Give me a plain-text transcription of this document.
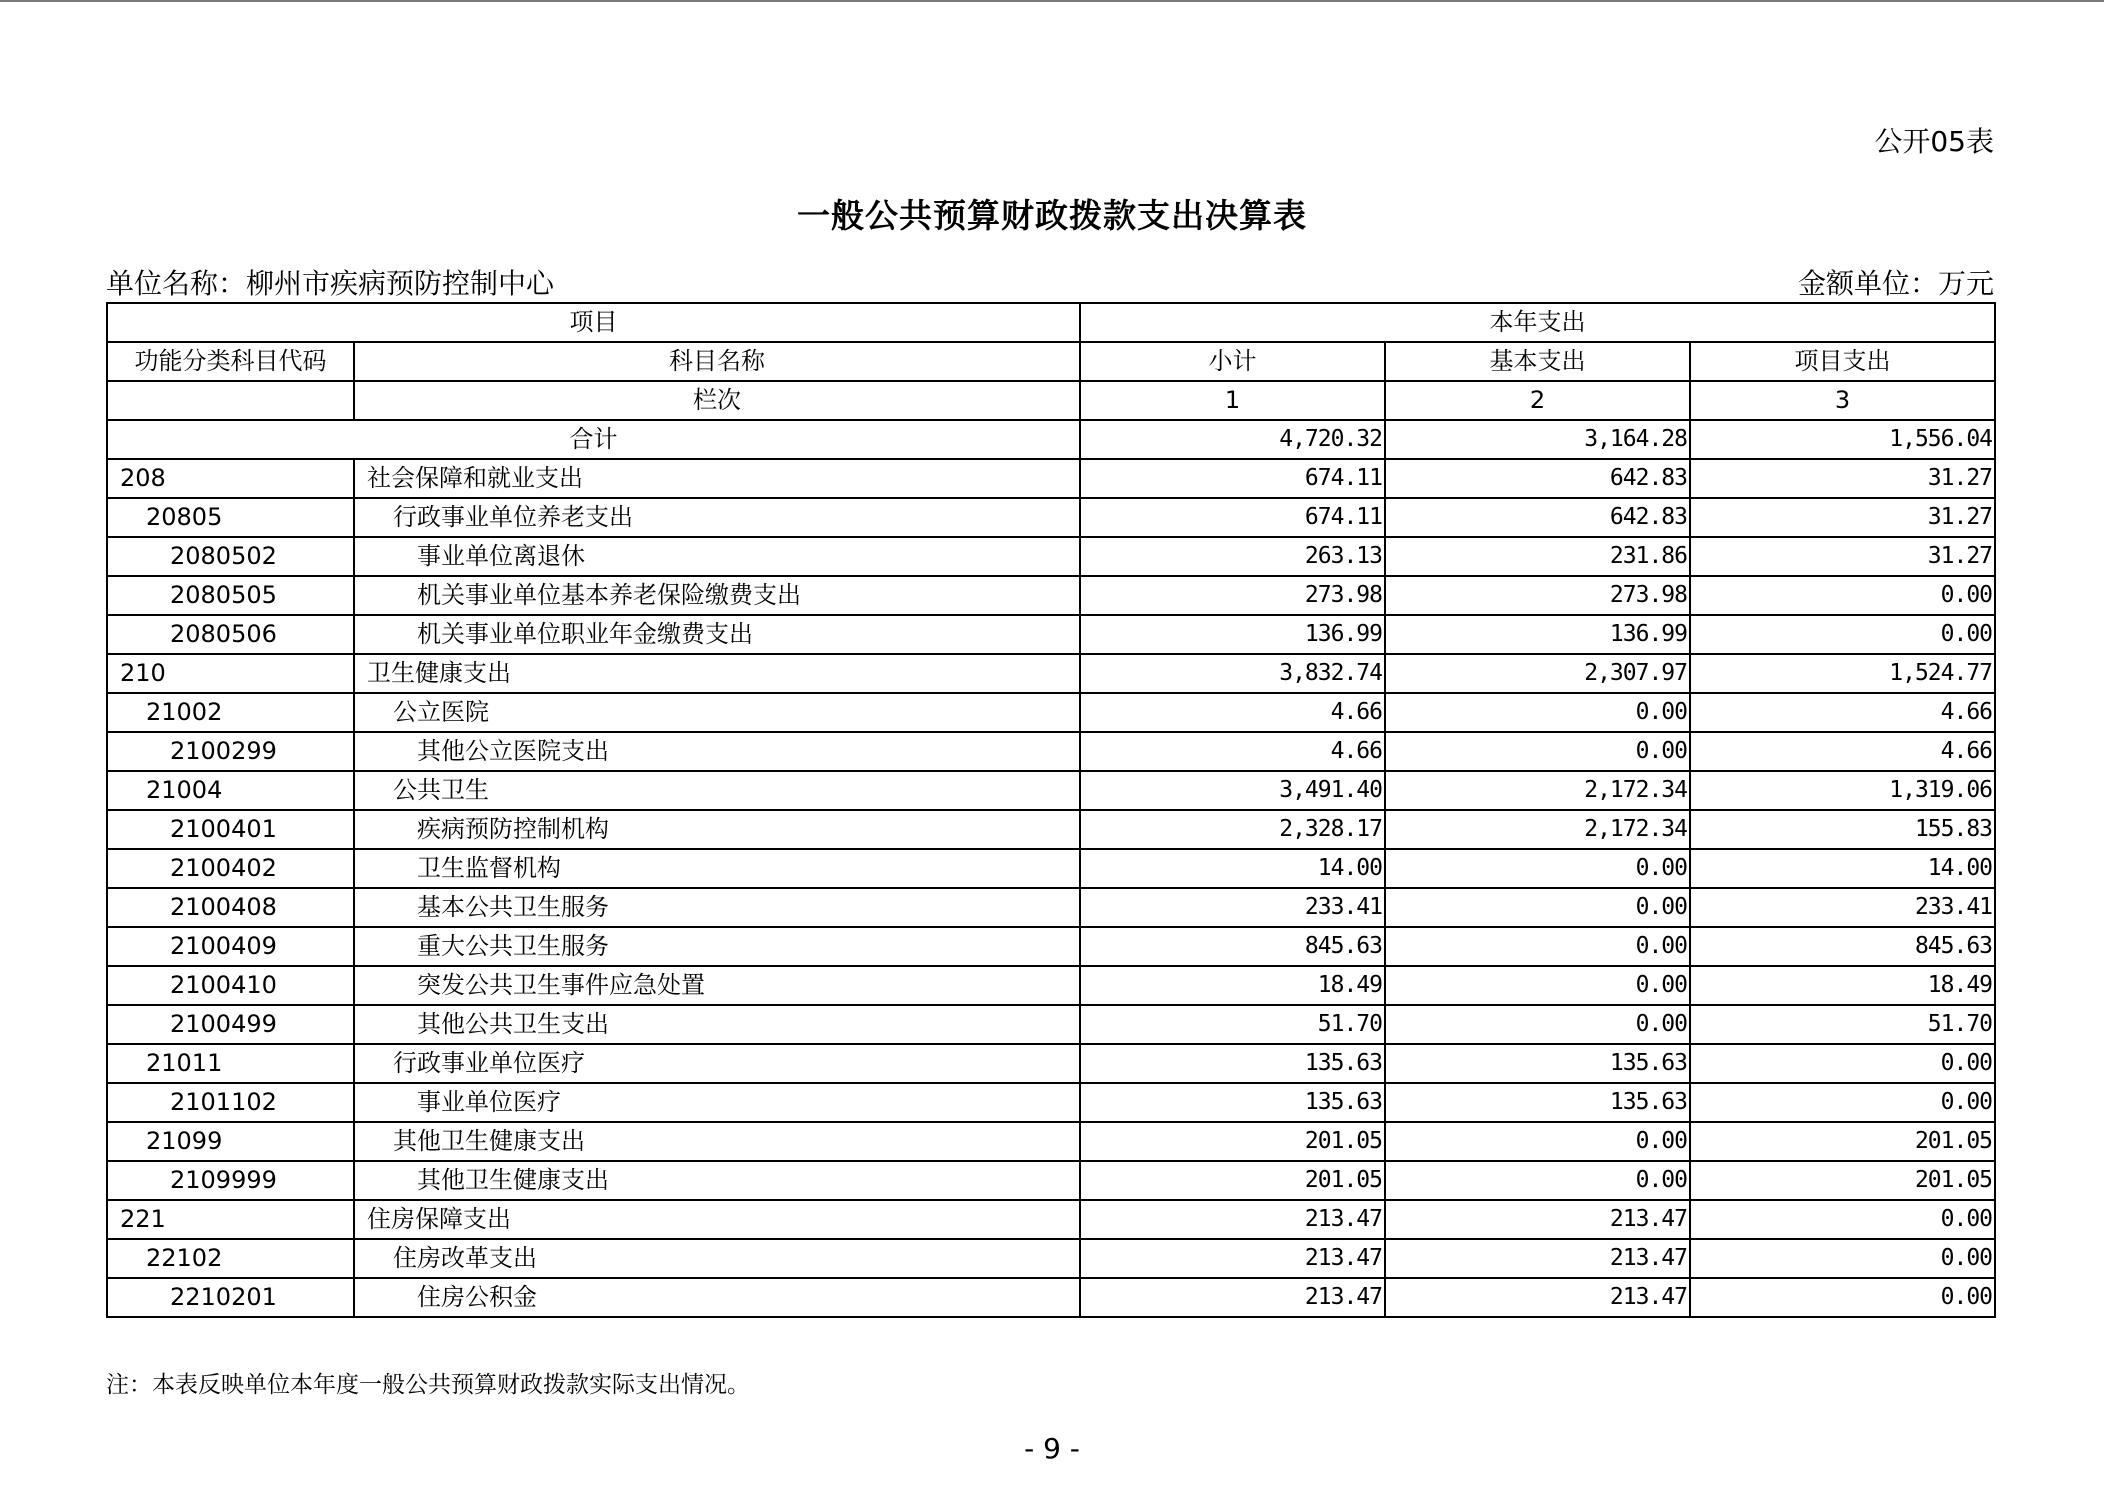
公开05表
一般公共预算财政拨款支出决算表
单位名称：柳州市疾病预防控制中心	金额单位：万元
项目		本年支出		
功能分类科目代码	科目名称	小计	基本支出	项目支出
	栏次	1	2	3
合计		4,720.32	3,164.28	1,556.04
208	社会保障和就业支出	674.11	642.83	31.27
20805	行政事业单位养老支出	674.11	642.83	31.27
2080502	事业单位离退休	263.13	231.86	31.27
2080505	机关事业单位基本养老保险缴费支出	273.98	273.98	0.00
2080506	机关事业单位职业年金缴费支出	136.99	136.99	0.00
210	卫生健康支出	3,832.74	2,307.97	1,524.77
21002	公立医院	4.66	0.00	4.66
2100299	其他公立医院支出	4.66	0.00	4.66
21004	公共卫生	3,491.40	2,172.34	1,319.06
2100401	疾病预防控制机构	2,328.17	2,172.34	155.83
2100402	卫生监督机构	14.00	0.00	14.00
2100408	基本公共卫生服务	233.41	0.00	233.41
2100409	重大公共卫生服务	845.63	0.00	845.63
2100410	突发公共卫生事件应急处置	18.49	0.00	18.49
2100499	其他公共卫生支出	51.70	0.00	51.70
21011	行政事业单位医疗	135.63	135.63	0.00
2101102	事业单位医疗	135.63	135.63	0.00
21099	其他卫生健康支出	201.05	0.00	201.05
2109999	其他卫生健康支出	201.05	0.00	201.05
221	住房保障支出	213.47	213.47	0.00
22102	住房改革支出	213.47	213.47	0.00
2210201	住房公积金	213.47	213.47	0.00
注：本表反映单位本年度一般公共预算财政拨款实际支出情况。
- 9 -
